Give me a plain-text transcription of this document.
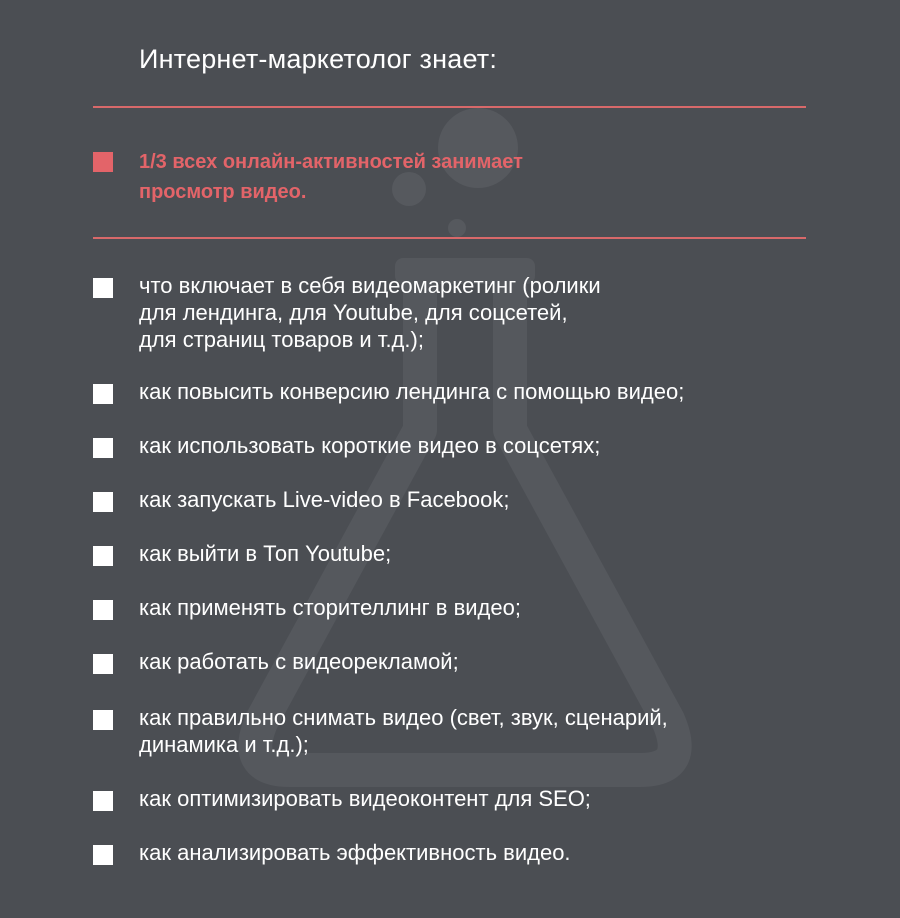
Интернет-маркетолог знает:
1/3 всех онлайн-активностей занимает
просмотр видео.
что включает в себя видеомаркетинг (ролики
для лендинга, для Youtube, для соцсетей,
для страниц товаров и т.д.);
как повысить конверсию лендинга с помощью видео;
как использовать короткие видео в соцсетях;
как запускать Live-video в Facebook;
как выйти в Топ Youtube;
как применять сторителлинг в видео;
как работать с видеорекламой;
как правильно снимать видео (свет, звук, сценарий,
динамика и т.д.);
как оптимизировать видеоконтент для SEO;
как анализировать эффективность видео.
